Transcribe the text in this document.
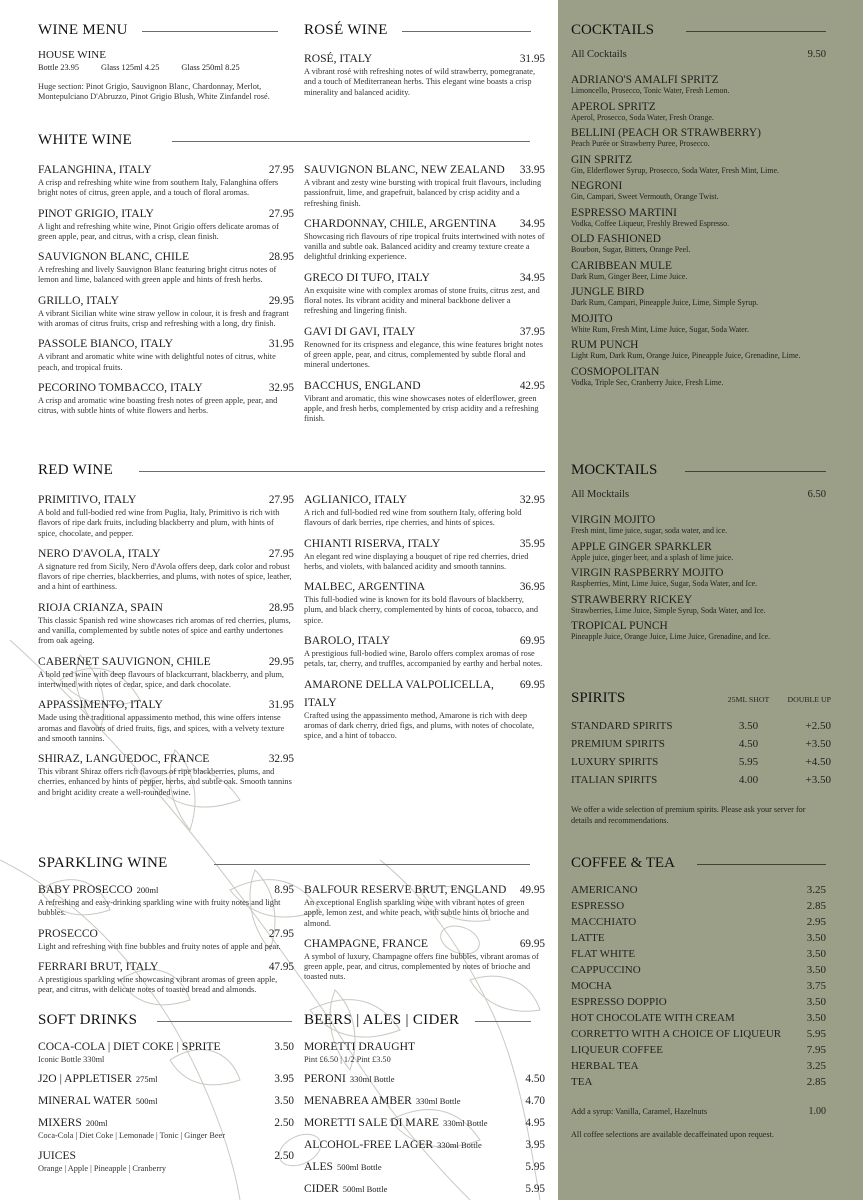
WINE MENU
HOUSE WINE
Bottle 23.95	Glass 125ml 4.25	Glass 250ml 8.25
Huge section: Pinot Grigio, Sauvignon Blanc, Chardonnay, Merlot, Montepulciano D'Abruzzo, Pinot Grigio Blush, White Zinfandel rosé.
ROSÉ WINE
ROSÉ, ITALY	31.95
A vibrant rosé with refreshing notes of wild strawberry, pomegranate, and a touch of Mediterranean herbs. This elegant wine boasts a crisp minerality and balanced acidity.
WHITE WINE
FALANGHINA, ITALY	27.95
A crisp and refreshing white wine from southern Italy, Falanghina offers bright notes of citrus, green apple, and a touch of floral aromas.
PINOT GRIGIO, ITALY	27.95
A light and refreshing white wine, Pinot Grigio offers delicate aromas of green apple, pear, and citrus, with a crisp, clean finish.
SAUVIGNON BLANC, CHILE	28.95
A refreshing and lively Sauvignon Blanc featuring bright citrus notes of lemon and lime, balanced with green apple and hints of fresh herbs.
GRILLO, ITALY	29.95
A vibrant Sicilian white wine straw yellow in colour, it is fresh and fragrant with aromas of citrus fruits, crisp and refreshing with a long, dry finish.
PASSOLE BIANCO, ITALY	31.95
A vibrant and aromatic white wine with delightful notes of citrus, white peach, and tropical fruits.
PECORINO TOMBACCO, ITALY	32.95
A crisp and aromatic wine boasting fresh notes of green apple, pear, and citrus, with subtle hints of white flowers and herbs.
SAUVIGNON BLANC, NEW ZEALAND 33.95
A vibrant and zesty wine bursting with tropical fruit flavours, including passionfruit, lime, and grapefruit, balanced by crisp acidity and a refreshing finish.
CHARDONNAY, CHILE, ARGENTINA 34.95
Showcasing rich flavours of ripe tropical fruits intertwined with notes of vanilla and subtle oak. Balanced acidity and creamy texture create a delightful drinking experience.
GRECO DI TUFO, ITALY	34.95
An exquisite wine with complex aromas of stone fruits, citrus zest, and floral notes. Its vibrant acidity and mineral backbone deliver a refreshing and lingering finish.
GAVI DI GAVI, ITALY	37.95
Renowned for its crispness and elegance, this wine features bright notes of green apple, pear, and citrus, complemented by subtle floral and mineral undertones.
BACCHUS, ENGLAND	42.95
Vibrant and aromatic, this wine showcases notes of elderflower, green apple, and fresh herbs, complemented by crisp acidity and a refreshing finish.
RED WINE
PRIMITIVO, ITALY	27.95
A bold and full-bodied red wine from Puglia, Italy, Primitivo is rich with flavors of ripe dark fruits, including blackberry and plum, with hints of spice, chocolate, and pepper.
NERO D'AVOLA, ITALY	27.95
A signature red from Sicily, Nero d'Avola offers deep, dark color and robust flavors of ripe cherries, blackberries, and plums, with notes of spice, leather, and a hint of earthiness.
RIOJA CRIANZA, SPAIN	28.95
This classic Spanish red wine showcases rich aromas of red cherries, plums, and vanilla, complemented by subtle notes of spice and earthy undertones from oak ageing.
CABERNET SAUVIGNON, CHILE	29.95
A bold red wine with deep flavours of blackcurrant, blackberry, and plum, intertwined with notes of cedar, spice, and dark chocolate.
APPASSIMENTO, ITALY	31.95
Made using the traditional appassimento method, this wine offers intense aromas and flavours of dried fruits, figs, and spices, with a velvety texture and smooth tannins.
SHIRAZ, LANGUEDOC, FRANCE	32.95
This vibrant Shiraz offers rich flavours of ripe blackberries, plums, and cherries, enhanced by hints of pepper, herbs, and subtle oak. Smooth tannins and bright acidity create a well-rounded wine.
AGLIANICO, ITALY	32.95
A rich and full-bodied red wine from southern Italy, offering bold flavours of dark berries, ripe cherries, and hints of spices.
CHIANTI RISERVA, ITALY	35.95
An elegant red wine displaying a bouquet of ripe red cherries, dried herbs, and violets, with balanced acidity and smooth tannins.
MALBEC, ARGENTINA	36.95
This full-bodied wine is known for its bold flavours of blackberry, plum, and black cherry, complemented by hints of cocoa, tobacco, and spice.
BAROLO, ITALY	69.95
A prestigious full-bodied wine, Barolo offers complex aromas of rose petals, tar, cherry, and truffles, accompanied by earthy and herbal notes.
AMARONE DELLA VALPOLICELLA, ITALY
69.95
Crafted using the appassimento method, Amarone is rich with deep aromas of dark cherry, dried figs, and plums, with notes of chocolate, spice, and a hint of tobacco.
SPARKLING WINE
BABY PROSECCO 200ml	8.95
A refreshing and easy-drinking sparkling wine with fruity notes and light bubbles.
PROSECCO	27.95
Light and refreshing with fine bubbles and fruity notes of apple and pear.
FERRARI BRUT, ITALY	47.95
A prestigious sparkling wine showcasing vibrant aromas of green apple, pear, and citrus, with delicate notes of toasted bread and almonds.
BALFOUR RESERVE BRUT, ENGLAND 49.95
An exceptional English sparkling wine with vibrant notes of green apple, lemon zest, and white peach, with subtle hints of brioche and almond.
CHAMPAGNE, FRANCE	69.95
A symbol of luxury, Champagne offers fine bubbles, vibrant aromas of green apple, pear, and citrus, complemented by notes of brioche and toasted nuts.
SOFT DRINKS
COCA-COLA | DIET COKE | SPRITE	3.50
Iconic Bottle 330ml
J2O | APPLETISER 275ml	3.95
MINERAL WATER 500ml	3.50
MIXERS 200ml	2.50
Coca-Cola | Diet Coke | Lemonade | Tonic | Ginger Beer
JUICES	2.50
Orange | Apple | Pineapple | Cranberry
BEERS | ALES | CIDER
MORETTI DRAUGHT
Pint £6.50 | 1/2 Pint £3.50
PERONI 330ml Bottle	4.50
MENABREA AMBER 330ml Bottle	4.70
MORETTI SALE DI MARE 330ml Bottle	4.95
ALCOHOL-FREE LAGER 330ml Bottle	3.95
ALES 500ml Bottle	5.95
CIDER 500ml Bottle	5.95
COCKTAILS
All Cocktails	9.50
ADRIANO'S AMALFI SPRITZ
Limoncello, Prosecco, Tonic Water, Fresh Lemon.
APEROL SPRITZ
Aperol, Prosecco, Soda Water, Fresh Orange.
BELLINI (PEACH OR STRAWBERRY)
Peach Purée or Strawberry Puree, Prosecco.
GIN SPRITZ
Gin, Elderflower Syrup, Prosecco, Soda Water, Fresh Mint, Lime.
NEGRONI
Gin, Campari, Sweet Vermouth, Orange Twist.
ESPRESSO MARTINI
Vodka, Coffee Liqueur, Freshly Brewed Espresso.
OLD FASHIONED
Bourbon, Sugar, Bitters, Orange Peel.
CARIBBEAN MULE
Dark Rum, Ginger Beer, Lime Juice.
JUNGLE BIRD
Dark Rum, Campari, Pineapple Juice, Lime, Simple Syrup.
MOJITO
White Rum, Fresh Mint, Lime Juice, Sugar, Soda Water.
RUM PUNCH
Light Rum, Dark Rum, Orange Juice, Pineapple Juice, Grenadine, Lime.
COSMOPOLITAN
Vodka, Triple Sec, Cranberry Juice, Fresh Lime.
MOCKTAILS
All Mocktails	6.50
VIRGIN MOJITO
Fresh mint, lime juice, sugar, soda water, and ice.
APPLE GINGER SPARKLER
Apple juice, ginger beer, and a splash of lime juice.
VIRGIN RASPBERRY MOJITO
Raspberries, Mint, Lime Juice, Sugar, Soda Water, and Ice.
STRAWBERRY RICKEY
Strawberries, Lime Juice, Simple Syrup, Soda Water, and Ice.
TROPICAL PUNCH
Pineapple Juice, Orange Juice, Lime Juice, Grenadine, and Ice.
SPIRITS	25ML SHOT	DOUBLE UP
STANDARD SPIRITS	3.50	+2.50
PREMIUM SPIRITS	4.50	+3.50
LUXURY SPIRITS	5.95	+4.50
ITALIAN SPIRITS	4.00	+3.50
We offer a wide selection of premium spirits. Please ask your server for details and recommendations.
COFFEE & TEA
AMERICANO	3.25
ESPRESSO	2.85
MACCHIATO	2.95
LATTE	3.50
FLAT WHITE	3.50
CAPPUCCINO	3.50
MOCHA	3.75
ESPRESSO DOPPIO	3.50
HOT CHOCOLATE WITH CREAM	3.50
CORRETTO WITH A CHOICE OF LIQUEUR 5.95
LIQUEUR COFFEE	7.95
HERBAL TEA	3.25
TEA	2.85
Add a syrup: Vanilla, Caramel, Hazelnuts	1.00
All coffee selections are available decaffeinated upon request.
